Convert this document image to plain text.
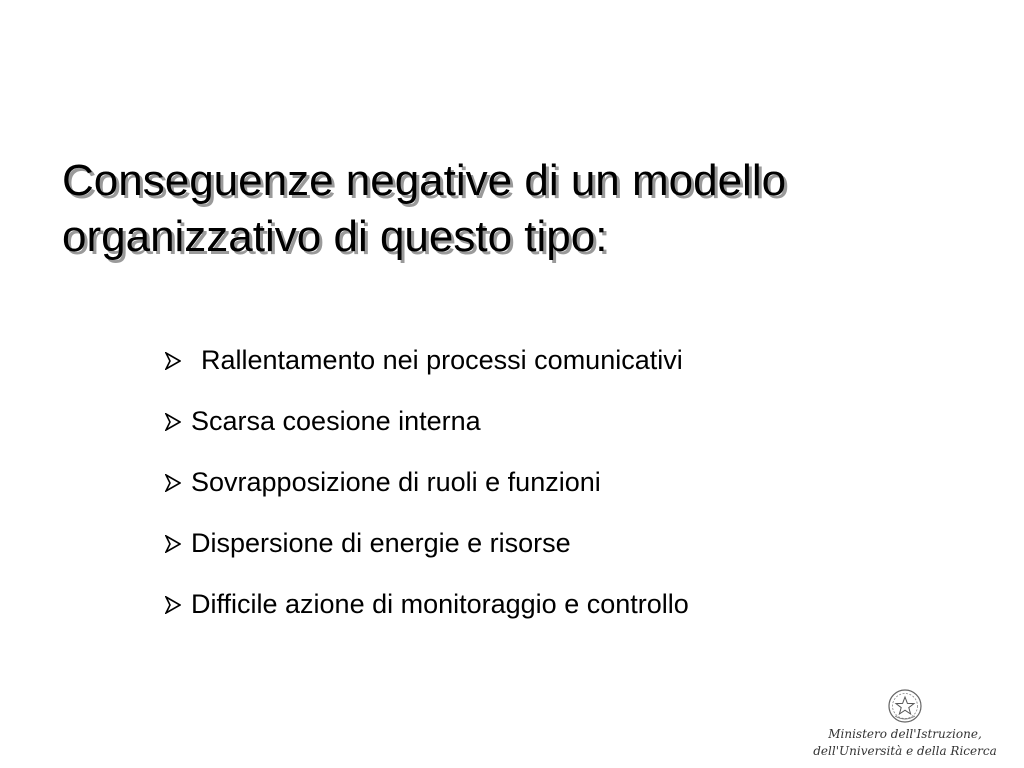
Conseguenze negative di un modello
organizzativo di questo tipo:
Rallentamento nei processi comunicativi
Scarsa coesione interna
Sovrapposizione di ruoli e funzioni
Dispersione di energie e risorse
Difficile azione di monitoraggio e controllo
Ministero dell'Istruzione,
dell'Università e della Ricerca
